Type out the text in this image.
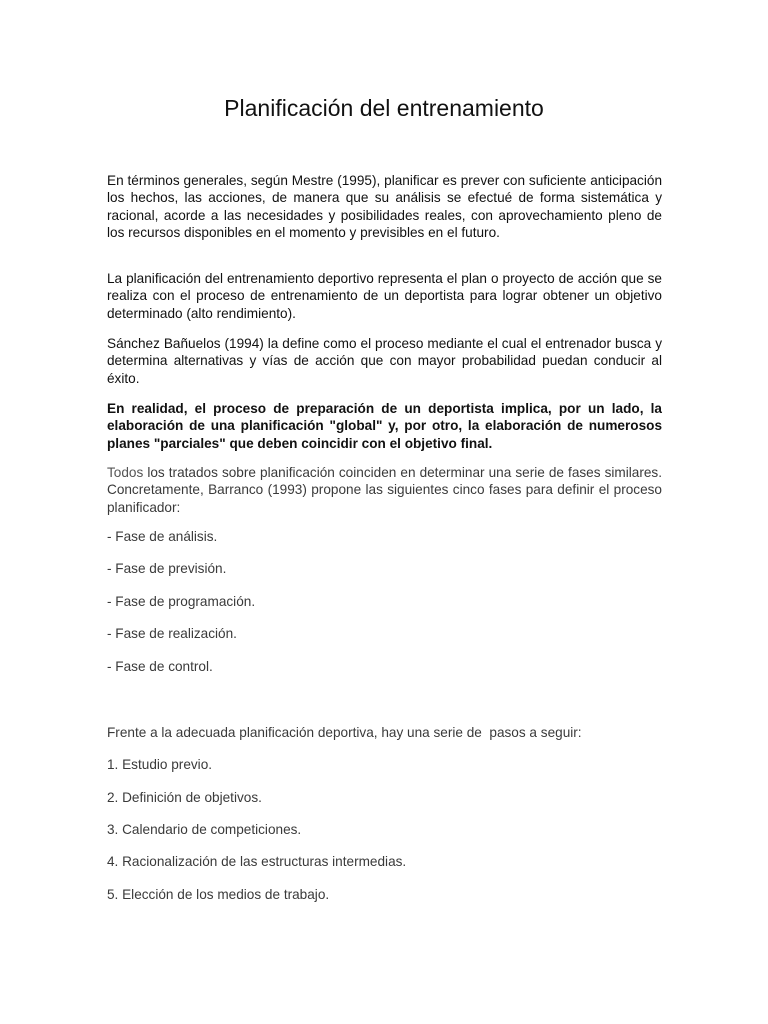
Planificación del entrenamiento
En términos generales, según Mestre (1995), planificar es prever con suficiente anticipación los hechos, las acciones, de manera que su análisis se efectué de forma sistemática y racional, acorde a las necesidades y posibilidades reales, con aprovechamiento pleno de los recursos disponibles en el momento y previsibles en el futuro.
La planificación del entrenamiento deportivo representa el plan o proyecto de acción que se realiza con el proceso de entrenamiento de un deportista para lograr obtener un objetivo determinado (alto rendimiento).
Sánchez Bañuelos (1994) la define como el proceso mediante el cual el entrenador busca y determina alternativas y vías de acción que con mayor probabilidad puedan conducir al éxito.
En realidad, el proceso de preparación de un deportista implica, por un lado, la elaboración de una planificación "global" y, por otro, la elaboración de numerosos planes "parciales" que deben coincidir con el objetivo final.
Todos los tratados sobre planificación coinciden en determinar una serie de fases similares. Concretamente, Barranco (1993) propone las siguientes cinco fases para definir el proceso planificador:
- Fase de análisis.
- Fase de previsión.
- Fase de programación.
- Fase de realización.
- Fase de control.
Frente a la adecuada planificación deportiva, hay una serie de  pasos a seguir:
1. Estudio previo.
2. Definición de objetivos.
3. Calendario de competiciones.
4. Racionalización de las estructuras intermedias.
5. Elección de los medios de trabajo.
